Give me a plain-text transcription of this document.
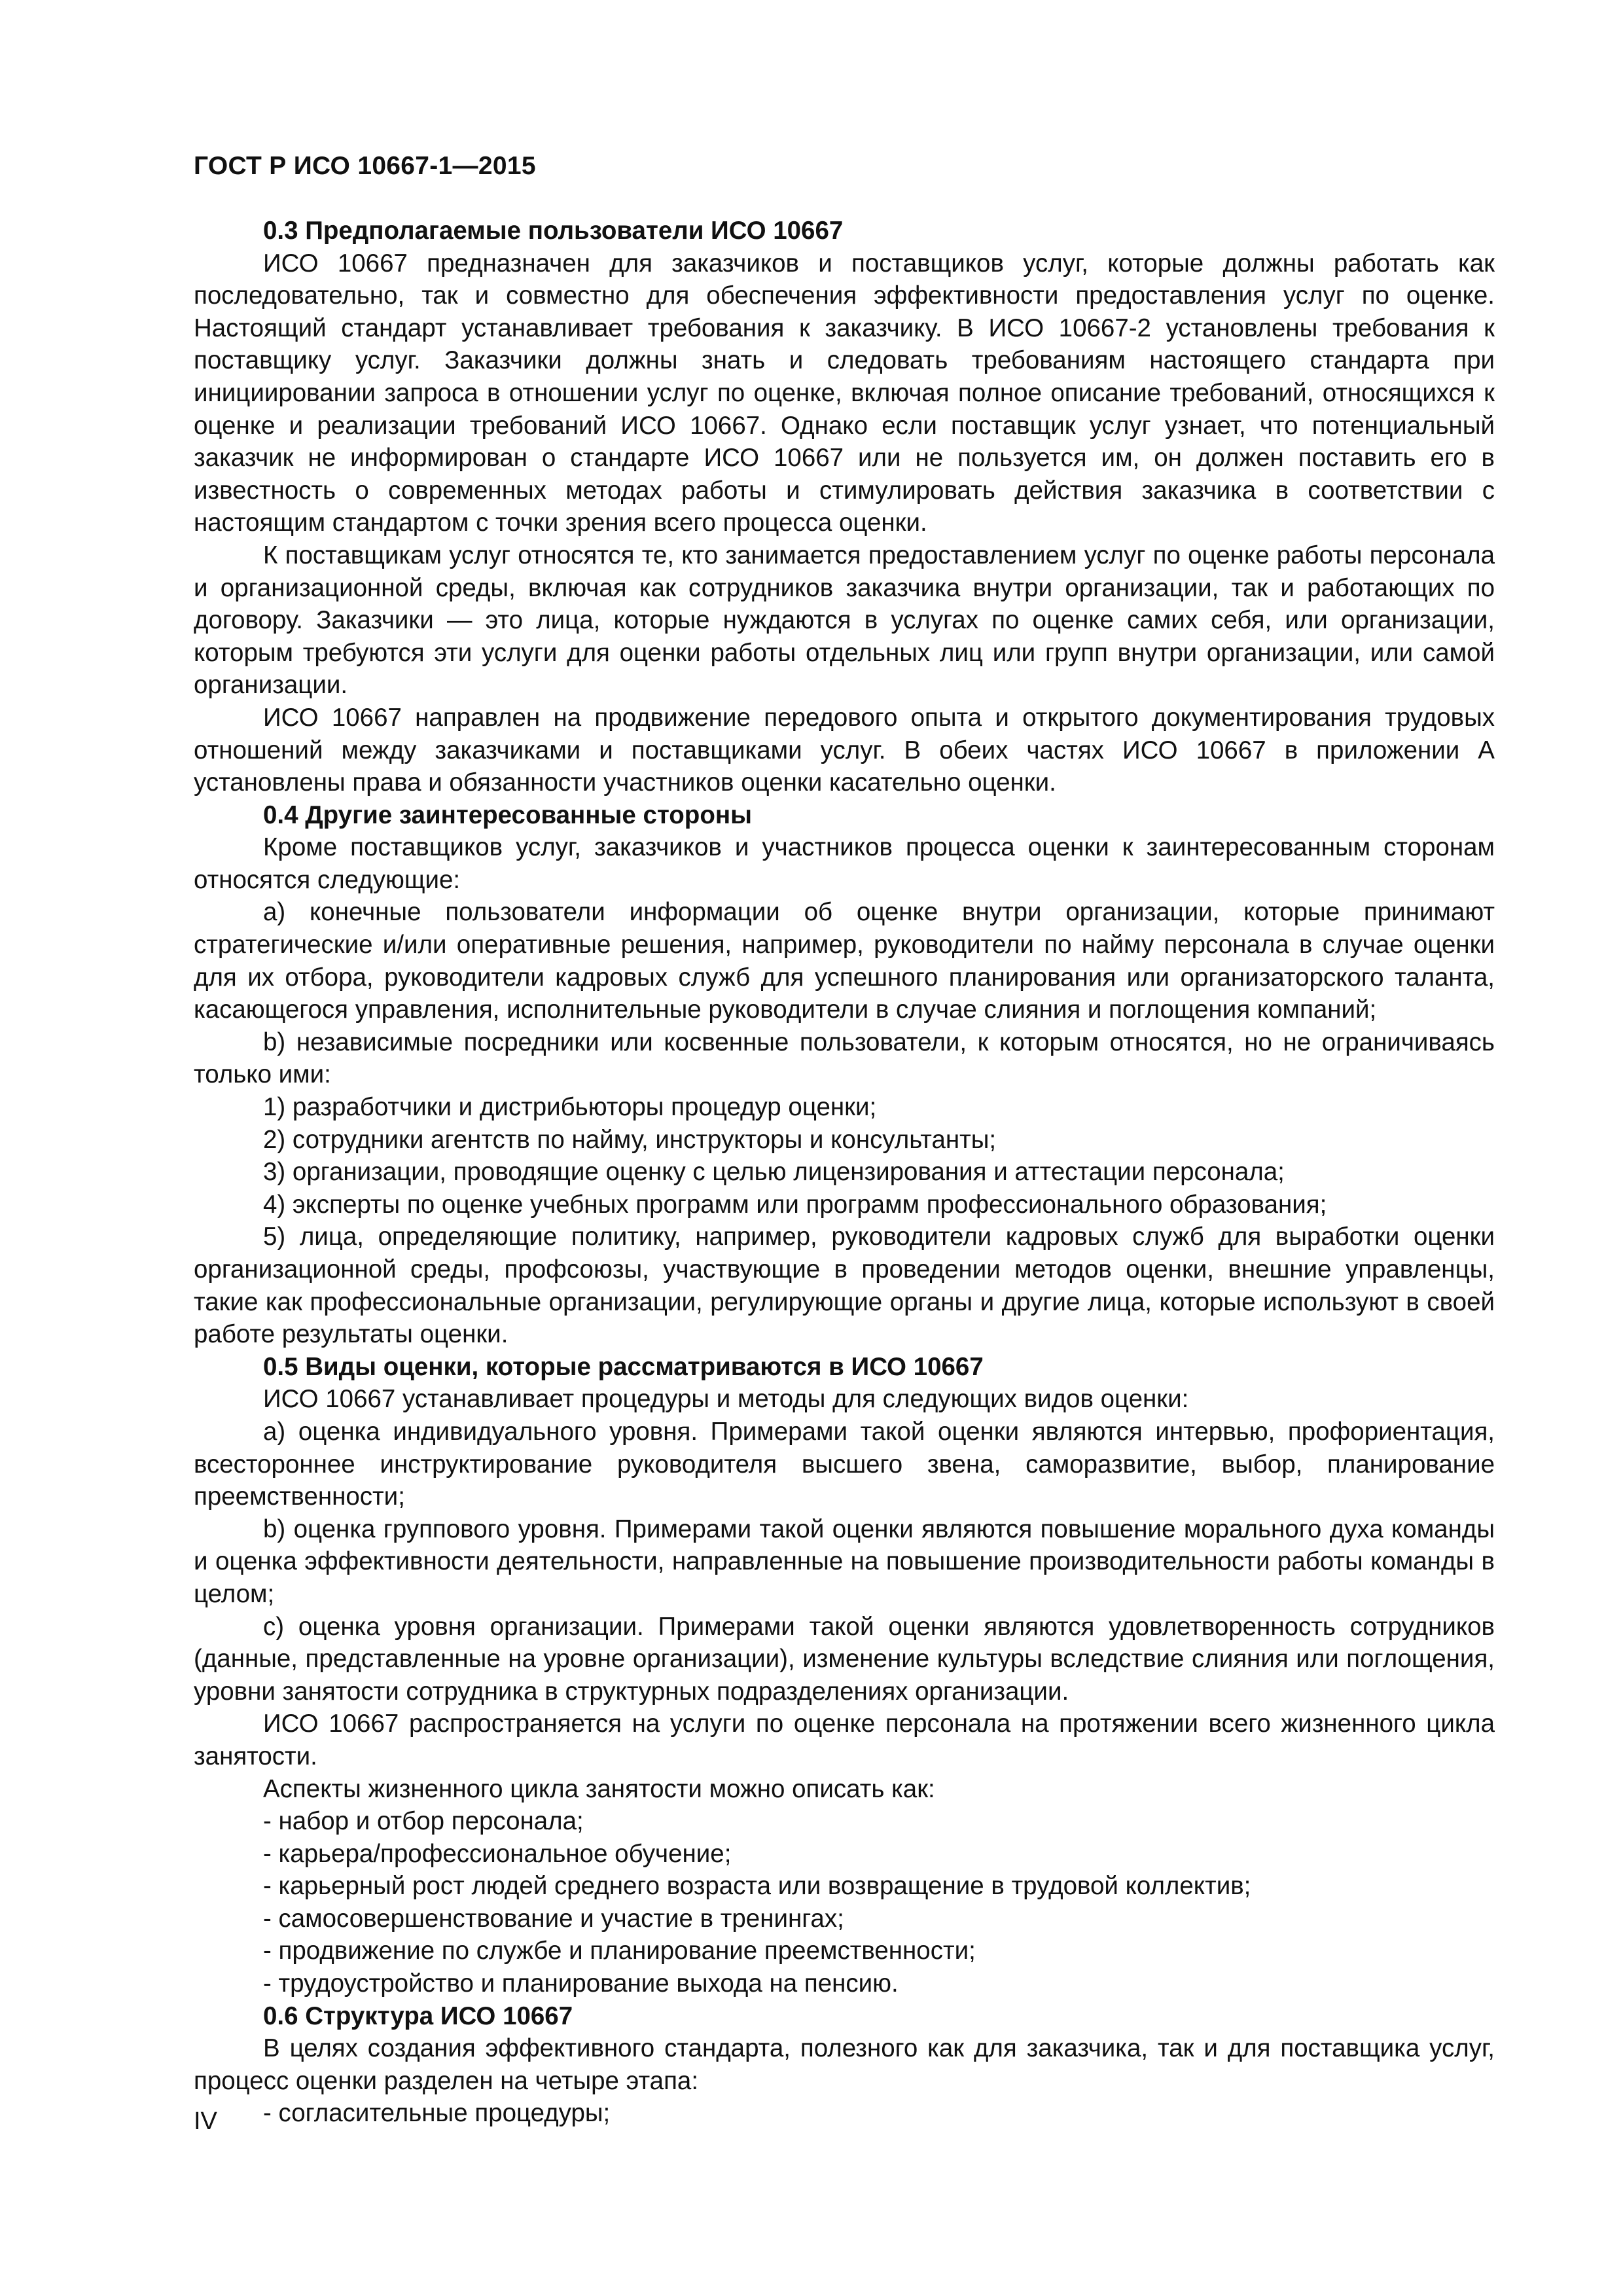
ГОСТ Р ИСО 10667-1—2015

0.3 Предполагаемые пользователи ИСО 10667

ИСО 10667 предназначен для заказчиков и поставщиков услуг, которые должны работать как последовательно, так и совместно для обеспечения эффективности предоставления услуг по оценке. Настоящий стандарт устанавливает требования к заказчику. В ИСО 10667-2 установлены требования к поставщику услуг. Заказчики должны знать и следовать требованиям настоящего стандарта при инициировании запроса в отношении услуг по оценке, включая полное описание требований, относящихся к оценке и реализации требований ИСО 10667. Однако если поставщик услуг узнает, что потенциальный заказчик не информирован о стандарте ИСО 10667 или не пользуется им, он должен поставить его в известность о современных методах работы и стимулировать действия заказчика в соответствии с настоящим стандартом с точки зрения всего процесса оценки.

К поставщикам услуг относятся те, кто занимается предоставлением услуг по оценке работы персонала и организационной среды, включая как сотрудников заказчика внутри организации, так и работающих по договору. Заказчики — это лица, которые нуждаются в услугах по оценке самих себя, или организации, которым требуются эти услуги для оценки работы отдельных лиц или групп внутри организации, или самой организации.

ИСО 10667 направлен на продвижение передового опыта и открытого документирования трудовых отношений между заказчиками и поставщиками услуг. В обеих частях ИСО 10667 в приложении А установлены права и обязанности участников оценки касательно оценки.

0.4 Другие заинтересованные стороны

Кроме поставщиков услуг, заказчиков и участников процесса оценки к заинтересованным сторонам относятся следующие:

a) конечные пользователи информации об оценке внутри организации, которые принимают стратегические и/или оперативные решения, например, руководители по найму персонала в случае оценки для их отбора, руководители кадровых служб для успешного планирования или организаторского таланта, касающегося управления, исполнительные руководители в случае слияния и поглощения компаний;

b) независимые посредники или косвенные пользователи, к которым относятся, но не ограничиваясь только ими:

1) разработчики и дистрибьюторы процедур оценки;

2) сотрудники агентств по найму, инструкторы и консультанты;

3) организации, проводящие оценку с целью лицензирования и аттестации персонала;

4) эксперты по оценке учебных программ или программ профессионального образования;

5) лица, определяющие политику, например, руководители кадровых служб для выработки оценки организационной среды, профсоюзы, участвующие в проведении методов оценки, внешние управленцы, такие как профессиональные организации, регулирующие органы и другие лица, которые используют в своей работе результаты оценки.

0.5 Виды оценки, которые рассматриваются в ИСО 10667

ИСО 10667 устанавливает процедуры и методы для следующих видов оценки:

a) оценка индивидуального уровня. Примерами такой оценки являются интервью, профориентация, всестороннее инструктирование руководителя высшего звена, саморазвитие, выбор, планирование преемственности;

b) оценка группового уровня. Примерами такой оценки являются повышение морального духа команды и оценка эффективности деятельности, направленные на повышение производительности работы команды в целом;

c) оценка уровня организации. Примерами такой оценки являются удовлетворенность сотрудников (данные, представленные на уровне организации), изменение культуры вследствие слияния или поглощения, уровни занятости сотрудника в структурных подразделениях организации.

ИСО 10667 распространяется на услуги по оценке персонала на протяжении всего жизненного цикла занятости.

Аспекты жизненного цикла занятости можно описать как:

- набор и отбор персонала;

- карьера/профессиональное обучение;

- карьерный рост людей среднего возраста или возвращение в трудовой коллектив;

- самосовершенствование и участие в тренингах;

- продвижение по службе и планирование преемственности;

- трудоустройство и планирование выхода на пенсию.

0.6 Структура ИСО 10667

В целях создания эффективного стандарта, полезного как для заказчика, так и для поставщика услуг, процесс оценки разделен на четыре этапа:

- согласительные процедуры;

IV
